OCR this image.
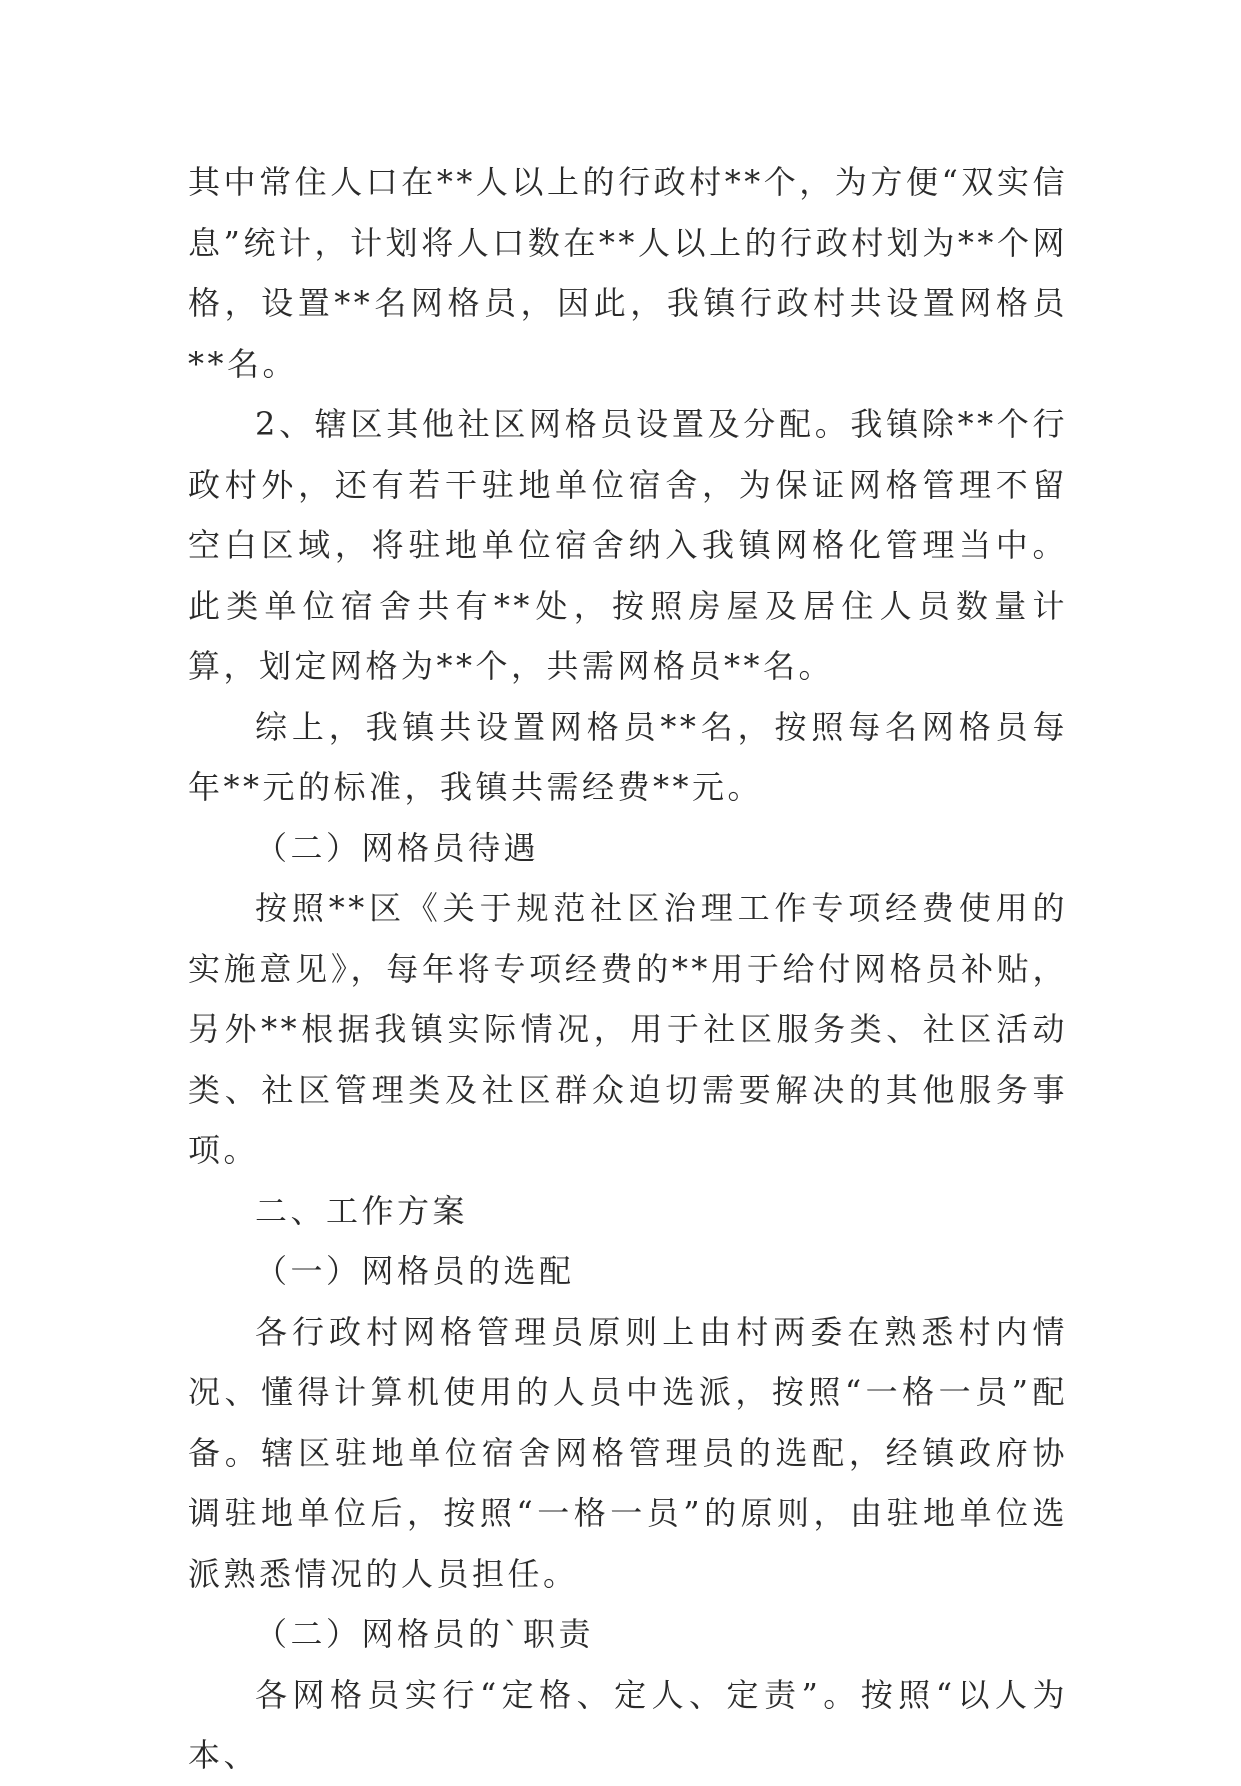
其中常住人口在**人以上的行政村**个，为方便“双实信息”统计，计划将人口数在**人以上的行政村划为**个网格，设置**名网格员，因此，我镇行政村共设置网格员**名。

2、辖区其他社区网格员设置及分配。我镇除**个行政村外，还有若干驻地单位宿舍，为保证网格管理不留空白区域，将驻地单位宿舍纳入我镇网格化管理当中。此类单位宿舍共有**处，按照房屋及居住人员数量计算，划定网格为**个，共需网格员**名。

综上，我镇共设置网格员**名，按照每名网格员每年**元的标准，我镇共需经费**元。

（二）网格员待遇

按照**区《关于规范社区治理工作专项经费使用的实施意见》，每年将专项经费的**用于给付网格员补贴，另外**根据我镇实际情况，用于社区服务类、社区活动类、社区管理类及社区群众迫切需要解决的其他服务事项。

二、工作方案

（一）网格员的选配

各行政村网格管理员原则上由村两委在熟悉村内情况、懂得计算机使用的人员中选派，按照“一格一员”配备。辖区驻地单位宿舍网格管理员的选配，经镇政府协调驻地单位后，按照“一格一员”的原则，由驻地单位选派熟悉情况的人员担任。

（二）网格员的`职责

各网格员实行“定格、定人、定责”。按照“以人为本、
